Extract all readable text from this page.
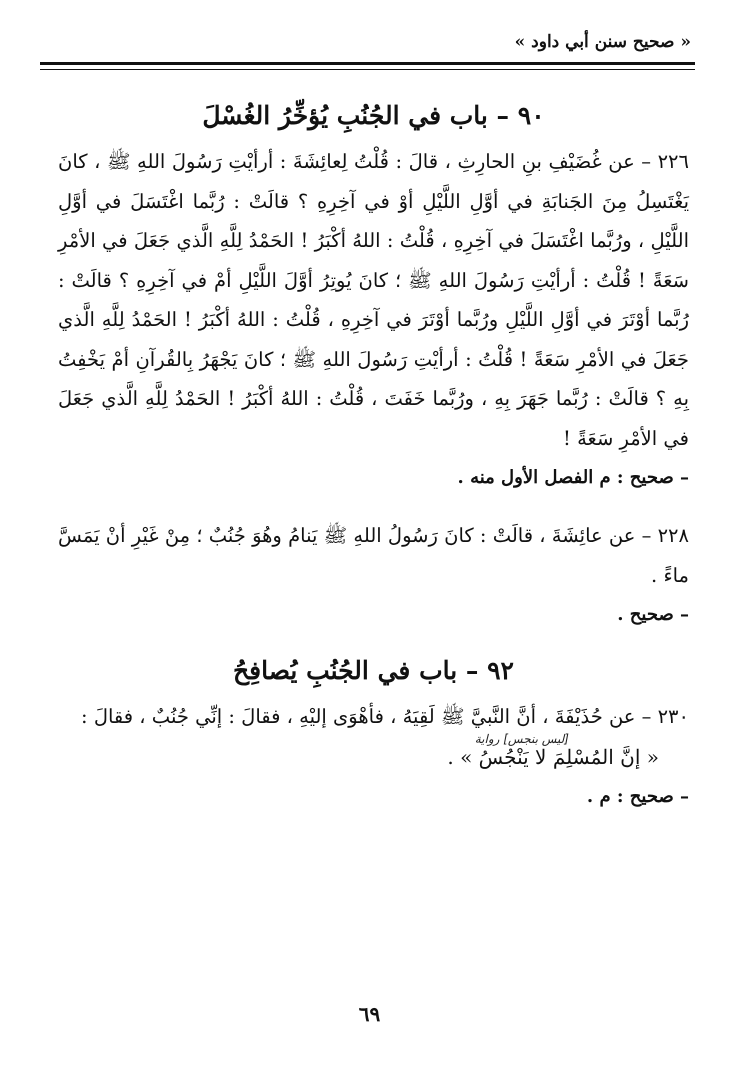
« صحيح سنن أبي داود »
٩٠ – باب في الجُنُبِ يُؤخِّرُ الغُسْلَ
٢٢٦ – عن غُضَيْفِ بنِ الحارِثِ ، قالَ : قُلْتُ لِعائِشَةَ : أرأيْتِ رَسُولَ اللهِ ﷺ ، كانَ يَغْتَسِلُ مِنَ الجَنابَةِ في أوَّلِ اللَّيْلِ أوْ في آخِرِهِ ؟ قالَتْ : رُبَّما اغْتَسَلَ في أوَّلِ اللَّيْلِ ، ورُبَّما اغْتَسَلَ في آخِرِهِ ، قُلْتُ : اللهُ أكْبَرُ ! الحَمْدُ لِلَّهِ الَّذي جَعَلَ في الأمْرِ سَعَةً ! قُلْتُ : أرأيْتِ رَسُولَ اللهِ ﷺ ؛ كانَ يُوتِرُ أوَّلَ اللَّيْلِ أمْ في آخِرِهِ ؟ قالَتْ : رُبَّما أوْتَرَ في أوَّلِ اللَّيْلِ ورُبَّما أوْتَرَ في آخِرِهِ ، قُلْتُ : اللهُ أكْبَرُ ! الحَمْدُ لِلَّهِ الَّذي جَعَلَ في الأمْرِ سَعَةً ! قُلْتُ : أرأيْتِ رَسُولَ اللهِ ﷺ ؛ كانَ يَجْهَرُ بِالقُرآنِ أمْ يَخْفِتُ بِهِ ؟ قالَتْ : رُبَّما جَهَرَ بِهِ ، ورُبَّما خَفَتَ ، قُلْتُ : اللهُ أكْبَرُ ! الحَمْدُ لِلَّهِ الَّذي جَعَلَ في الأمْرِ سَعَةً !
– صحيح : م الفصل الأول منه .
٢٢٨ – عن عائِشَةَ ، قالَتْ : كانَ رَسُولُ اللهِ ﷺ يَنامُ وهُوَ جُنُبٌ ؛ مِنْ غَيْرِ أنْ يَمَسَّ ماءً .
– صحيح .
٩٢ – باب في الجُنُبِ يُصافِحُ
٢٣٠ – عن حُذَيْفَةَ ، أنَّ النَّبيَّ ﷺ لَقِيَهُ ، فأهْوَى إليْهِ ، فقالَ : إنِّي جُنُبٌ ، فقالَ :
[ليس بنجس] رواية
« إنَّ المُسْلِمَ لا يَنْجُسُ » .
– صحيح : م .
٦٩
